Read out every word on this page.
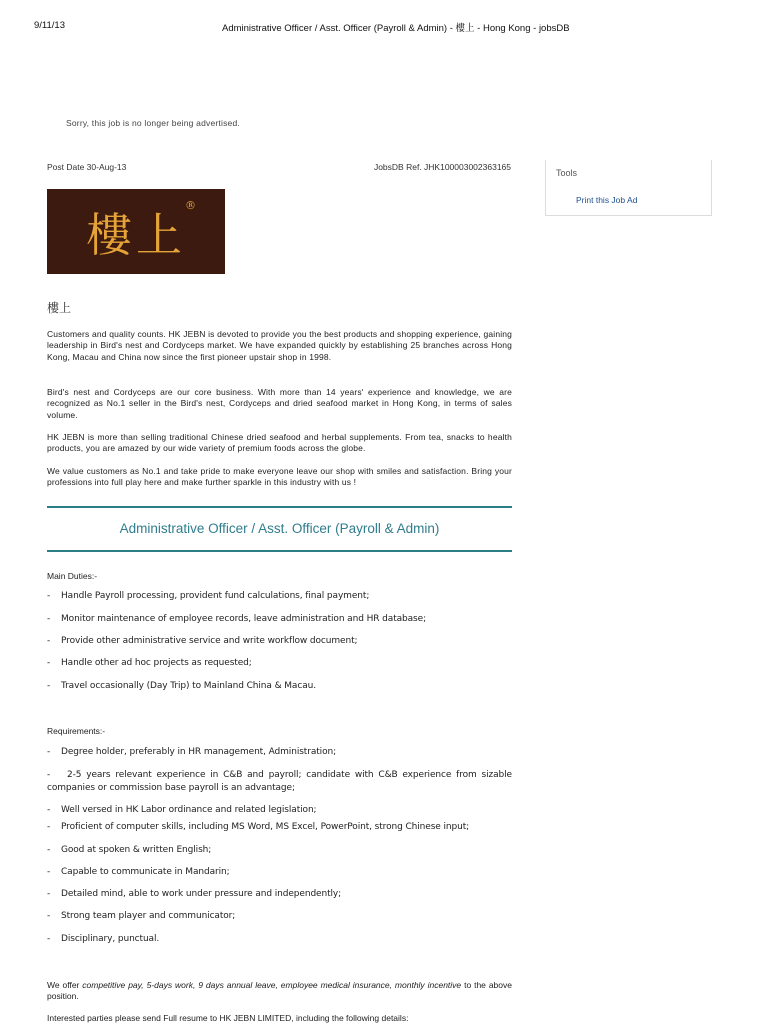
9/11/13	Administrative Officer / Asst. Officer (Payroll & Admin) - 樓上 - Hong Kong - jobsDB
Sorry, this job is no longer being advertised.
Post Date 30-Aug-13	JobsDB Ref. JHK100003002363165
Tools
Print this Job Ad
樓上
®
樓上

Customers and quality counts. HK JEBN is devoted to provide you the best products and shopping experience, gaining leadership in Bird's nest and Cordyceps market. We have expanded quickly by establishing 25 branches across Hong Kong, Macau and China now since the first pioneer upstair shop in 1998.

Bird's nest and Cordyceps are our core business. With more than 14 years' experience and knowledge, we are recognized as No.1 seller in the Bird's nest, Cordyceps and dried seafood market in Hong Kong, in terms of sales volume.

HK JEBN is more than selling traditional Chinese dried seafood and herbal supplements. From tea, snacks to health products, you are amazed by our wide variety of premium foods across the globe.

We value customers as No.1 and take pride to make everyone leave our shop with smiles and satisfaction. Bring your professions into full play here and make further sparkle in this industry with us !

Administrative Officer / Asst. Officer (Payroll & Admin)
Main Duties:-
- Handle Payroll processing, provident fund calculations, final payment;
- Monitor maintenance of employee records, leave administration and HR database;
- Provide other administrative service and write workflow document;
- Handle other ad hoc projects as requested;
- Travel occasionally (Day Trip) to Mainland China & Macau.
Requirements:-
- Degree holder, preferably in HR management, Administration;
- 2-5 years relevant experience in C&B and payroll; candidate with C&B experience from sizable companies or commission base payroll is an advantage;
- Well versed in HK Labor ordinance and related legislation;
- Proficient of computer skills, including MS Word, MS Excel, PowerPoint, strong Chinese input;
- Good at spoken & written English;
- Capable to communicate in Mandarin;
- Detailed mind, able to work under pressure and independently;
- Strong team player and communicator;
- Disciplinary, punctual.
We offer competitive pay, 5-days work, 9 days annual leave, employee medical insurance, monthly incentive to the above position.
Interested parties please send Full resume to HK JEBN LIMITED, including the following details:
